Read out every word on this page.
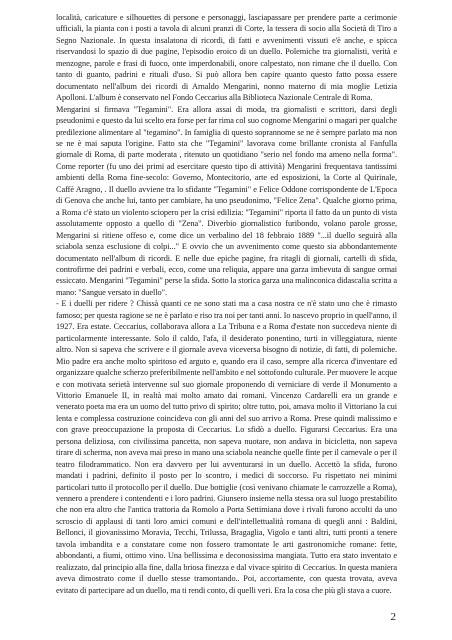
località, caricature e silhouettes di persone e personaggi, lasciapassare per prendere parte a cerimonie ufficiali, la pianta con i posti a tavola di alcuni pranzi di Corte, la tessera di socio alla Società di Tiro a Segno Nazionale. In questa insalatona di ricordi, di fatti e avvenimenti vissuti e'è anche, e spicca riservandosi lo spazio di due pagine, l'episodio eroico di un duello. Polemiche tra giornalisti, verità e menzogne, parole e frasi di fuoco, onte imperdonabili, onore calpestato, non rimane che il duello. Con tanto di guanto, padrini e rituali d'uso. Si può allora ben capire quanto questo fatto possa essere documentato nell'album dei ricordi di Arnaldo Mengarini, nonno materno di mia moglie Letizia Apolloni. L'album è conservato nel Fondo Ceccarius alla Biblioteca Nazionale Centrale di Roma.

Mengarini si firmava "Tegamini". Era allora assai di moda, tra giornalisti e scrittori, darsi degli pseudonimi e questo da lui scelto era forse per far rima col suo cognome Mengarini o magari per qualche predilezione alimentare al "tegamino". In famiglia di questo soprannome se ne è sempre parlato ma non se ne è mai saputa l'origine. Fatto sta che "Tegamini" lavorava come brillante cronista al Fanfulla giornale di Roma, di parte moderata , ritenuto un quotidiano "serio nel fondo ma ameno nella forma". Come reporter (fu uno dei primi ad esercitare questo tipo di attività) Mengarini frequentava tantissimi ambienti della Roma fine-secolo: Governo, Montecitorio, arte ed esposizioni, la Corte al Quirinale, Caffè Aragno, . Il duello avviene tra lo sfidante "Tegamini" e Felice Oddone corrispondente de L'Epoca di Genova che anche lui, tanto per cambiare, ha uno pseudonimo, "Felice Zena". Qualche giorno prima, a Roma c'è stato un violento sciopero per la crisi edilizia: "Tegamini" riporta il fatto da un punto di vista assolutamente opposto a quello di "Zena". Diverbio giornalistico furibondo, volano parole grosse, Mengarini si ritiene offeso e, come dice un verbalino del 18 febbraio 1889 "...il duello seguirà alla sciabola senza esclusione di colpi..." E ovvio che un avvenimento come questo sia abbondantemente documentato nell'album di ricordi. E nelle due epiche pagine, fra ritagli di giornali, cartelli di sfida, controfirme dei padrini e verbali, ecco, come una reliquia, appare una garza imbevuta di sangue ormai essiccato. Mengarini "Tegamini" perse la sfida. Sotto la storica garza una malinconica didascalia scritta a mano: "Sangue versato in duello".

- E i duelli per ridere ? Chissà quanti ce ne sono stati ma a casa nostra ce n'è stato uno che è rimasto famoso; per questa ragione se ne è parlato e riso tra noi per tanti anni. Io nascevo proprio in quell'anno, il 1927. Era estate. Ceccarius, collaborava allora a La Tribuna e a Roma d'estate non succedeva niente di particolarmente interessante. Solo il caldo, l'afa, il desiderato ponentino, turti in villeggiatura, niente altro. Non si sapeva che scrivere e il giornale aveva viceversa bisogno di notizie, di fatti, di polemiche. Mio padre era anche molto spiritoso ed arguto e, quando era il caso, sempre alla ricerca d'inventare ed organizzare qualche scherzo preferibilmente nell'ambito e nel sottofondo culturale. Per muovere le acque e con motivata serietà intervenne sul suo giornale proponendo di verniciare di verde il Monumento a Vittorio Emanuele II, in realtà mai molto amato dai romani. Vincenzo Cardarelli era un grande e venerato poeta ma era un uomo del tutto privo di spirito; oltre tutto, poi, amava molto il Vittoriano la cui lenta e complessa costruzione coincideva con gli anni del suo arrivo a Roma. Prese quindi malissimo e con grave preoccupazione la proposta di Ceccarius. Lo sfidò a duello. Figurarsi Ceccarius. Era una persona deliziosa, con civilissima pancetta, non sapeva nuotare, non andava in bicicletta, non sapeva tirare di scherma, non aveva mai preso in mano una sciabola neanche quelle finte per il carnevale o per il teatro filodrammatico. Non era davvero per lui avventurarsi in un duello. Accettò la sfida, furono mandati i padrini, definito il posto per lo scontro, i medici di soccorso. Fu rispettato nei minimi particolari tutto il protocollo per il duello. Due bottiglie (così venivano chiamate le carrozzelle a Roma), vennero a prendere i contendenti e i loro padrini. Giunsero insieme nella stessa ora sul luogo prestabilito che non era altro che l'antica trattoria da Romolo a Porta Settimiana dove i rivali furono accolti da uno scroscio di applausi di tanti loro amici comuni e dell'intellettualità romana di quegli anni : Baldini, Bellonci, il giovanissimo Moravia, Tecchi, Trilussa, Bragaglia, Vigolo e tanti altri, tutti pronti a tenere tavola imbandita e a constatare come non fossero tramontate le arti gastronomiche romane: fette, abbondanti, a fiumi, ottimo vino. Una bellissima e deconosissima mangiata. Tutto era stato inventato e realizzato, dal principio alla fine, dalla briosa finezza e dal vivace spirito di Ceccarius. In questa maniera aveva dimostrato come il duello stesse tramontando.. Poi, accortamente, con questa trovata, aveva evitato di partecipare ad un duello, ma ti rendi conto, di quelli veri. Era la cosa che più gli stava a cuore.

2
